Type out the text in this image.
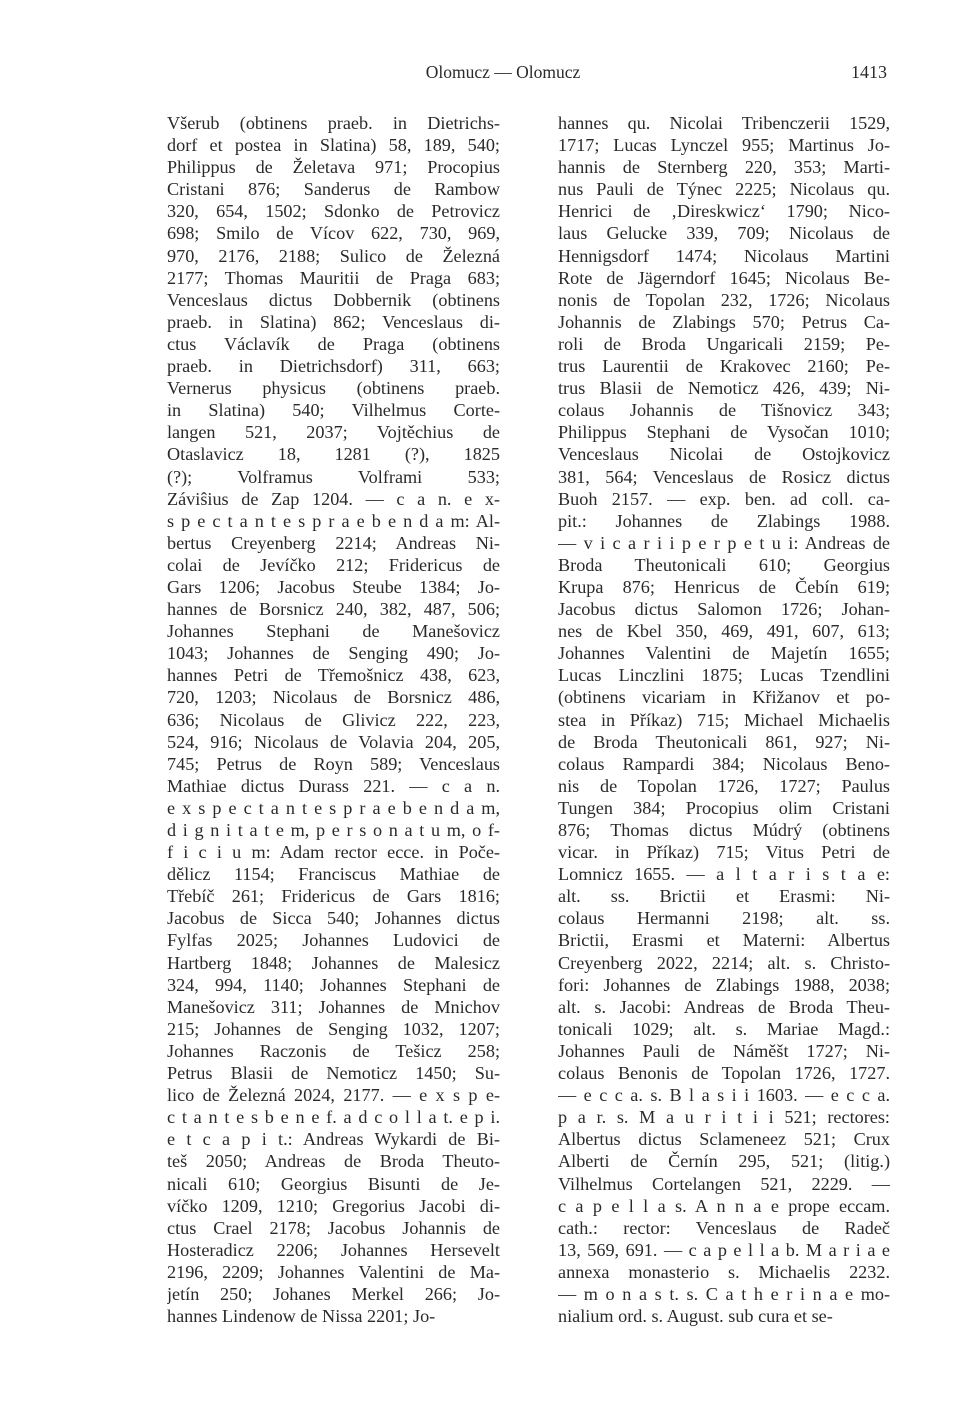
Olomucz — Olomucz	1413
Všerub (obtinens praeb. in Dietrichs-
dorf et postea in Slatina) 58, 189, 540;
Philippus de Želetava 971; Procopius
Cristani 876; Sanderus de Rambow
320, 654, 1502; Sdonko de Petrovicz
698; Smilo de Vícov 622, 730, 969,
970, 2176, 2188; Sulico de Železná
2177; Thomas Mauritii de Praga 683;
Venceslaus dictus Dobbernik (obtinens
praeb. in Slatina) 862; Venceslaus di-
ctus Václavík de Praga (obtinens
praeb. in Dietrichsdorf) 311, 663;
Vernerus physicus (obtinens praeb.
in Slatina) 540; Vilhelmus Corte-
langen 521, 2037; Vojtěchius de
Otaslavicz 18, 1281 (?), 1825
(?); Volframus Volframi 533;
Záviŝius de Zap 1204. — c a n. e x-
s p e c t a n t e s p r a e b e n d a m: Al-
bertus Creyenberg 2214; Andreas Ni-
colai de Jevíčko 212; Fridericus de
Gars 1206; Jacobus Steube 1384; Jo-
hannes de Borsnicz 240, 382, 487, 506;
Johannes Stephani de Manešovicz
1043; Johannes de Senging 490; Jo-
hannes Petri de Třemošnicz 438, 623,
720, 1203; Nicolaus de Borsnicz 486,
636; Nicolaus de Glivicz 222, 223,
524, 916; Nicolaus de Volavia 204, 205,
745; Petrus de Royn 589; Venceslaus
Mathiae dictus Durass 221. — c a n.
e x s p e c t a n t e s p r a e b e n d a m,
d i g n i t a t e m, p e r s o n a t u m, o f-
f i c i u m: Adam rector ecce. in Poče-
dělicz 1154; Franciscus Mathiae de
Třebíč 261; Fridericus de Gars 1816;
Jacobus de Sicca 540; Johannes dictus
Fylfas 2025; Johannes Ludovici de
Hartberg 1848; Johannes de Malesicz
324, 994, 1140; Johannes Stephani de
Manešovicz 311; Johannes de Mnichov
215; Johannes de Senging 1032, 1207;
Johannes Raczonis de Tešicz 258;
Petrus Blasii de Nemoticz 1450; Su-
lico de Železná 2024, 2177. — e x s p e-
c t a n t e s b e n e f. a d c o l l a t. e p i.
e t c a p i t.: Andreas Wykardi de Bi-
teš 2050; Andreas de Broda Theuto-
nicali 610; Georgius Bisunti de Je-
víčko 1209, 1210; Gregorius Jacobi di-
ctus Crael 2178; Jacobus Johannis de
Hosteradicz 2206; Johannes Hersevelt
2196, 2209; Johannes Valentini de Ma-
jetín 250; Johanes Merkel 266; Jo-
hannes Lindenow de Nissa 2201; Jo-
hannes qu. Nicolai Tribenczerii 1529,
1717; Lucas Lynczel 955; Martinus Jo-
hannis de Sternberg 220, 353; Marti-
nus Pauli de Týnec 2225; Nicolaus qu.
Henrici de ‚Direskwicz‘ 1790; Nico-
laus Gelucke 339, 709; Nicolaus de
Hennigsdorf 1474; Nicolaus Martini
Rote de Jägerndorf 1645; Nicolaus Be-
nonis de Topolan 232, 1726; Nicolaus
Johannis de Zlabings 570; Petrus Ca-
roli de Broda Ungaricali 2159; Pe-
trus Laurentii de Krakovec 2160; Pe-
trus Blasii de Nemoticz 426, 439; Ni-
colaus Johannis de Tišnovicz 343;
Philippus Stephani de Vysočan 1010;
Venceslaus Nicolai de Ostojkovicz
381, 564; Venceslaus de Rosicz dictus
Buoh 2157. — exp. ben. ad coll. ca-
pit.: Johannes de Zlabings 1988.
— v i c a r i i p e r p e t u i: Andreas de
Broda Theutonicali 610; Georgius
Krupa 876; Henricus de Čebín 619;
Jacobus dictus Salomon 1726; Johan-
nes de Kbel 350, 469, 491, 607, 613;
Johannes Valentini de Majetín 1655;
Lucas Linczlini 1875; Lucas Tzendlini
(obtinens vicariam in Křižanov et po-
stea in Příkaz) 715; Michael Michaelis
de Broda Theutonicali 861, 927; Ni-
colaus Rampardi 384; Nicolaus Beno-
nis de Topolan 1726, 1727; Paulus
Tungen 384; Procopius olim Cristani
876; Thomas dictus Múdrý (obtinens
vicar. in Příkaz) 715; Vitus Petri de
Lomnicz 1655. — a l t a r i s t a e:
alt. ss. Brictii et Erasmi: Ni-
colaus Hermanni 2198; alt. ss.
Brictii, Erasmi et Materni: Albertus
Creyenberg 2022, 2214; alt. s. Christo-
fori: Johannes de Zlabings 1988, 2038;
alt. s. Jacobi: Andreas de Broda Theu-
tonicali 1029; alt. s. Mariae Magd.:
Johannes Pauli de Náměšt 1727; Ni-
colaus Benonis de Topolan 1726, 1727.
— e c c a. s. B l a s i i 1603. — e c c a.
p a r. s. M a u r i t i i 521; rectores:
Albertus dictus Sclameneez 521; Crux
Alberti de Černín 295, 521; (litig.)
Vilhelmus Cortelangen 521, 2229. —
c a p e l l a s. A n n a e prope eccam.
cath.: rector: Venceslaus de Radeč
13, 569, 691. — c a p e l l a b. M a r i a e
annexa monasterio s. Michaelis 2232.
— m o n a s t. s. C a t h e r i n a e mo-
nialium ord. s. August. sub cura et se-
